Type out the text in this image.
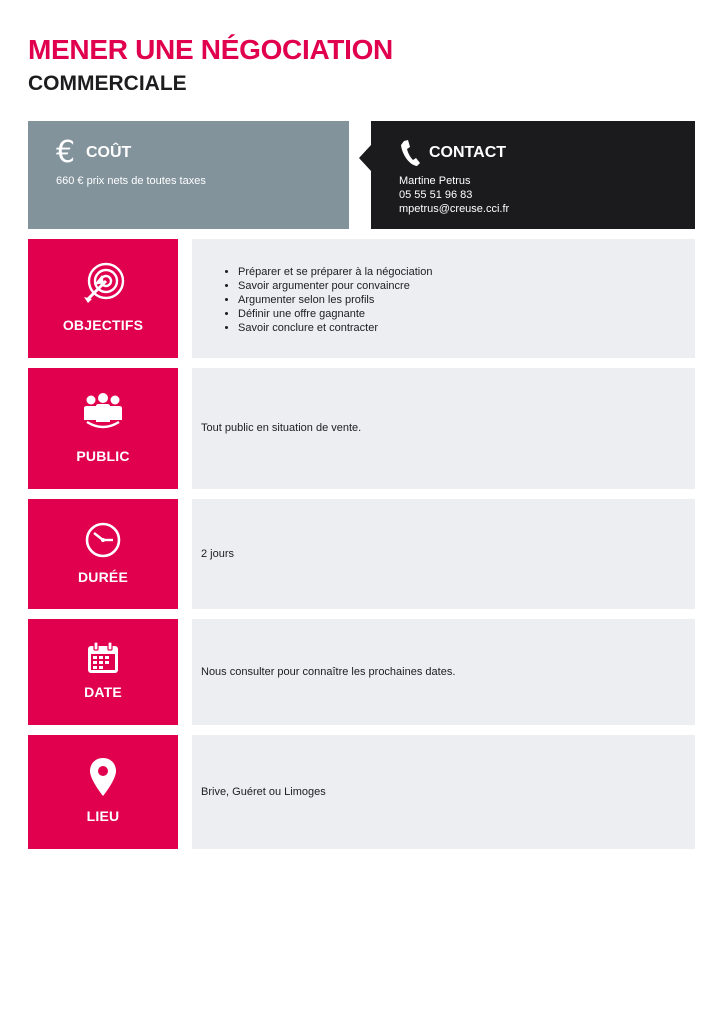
MENER UNE NÉGOCIATION
COMMERCIALE
€ COÛT
660 € prix nets de toutes taxes
CONTACT
Martine Petrus
05 55 51 96 83
mpetrus@creuse.cci.fr
OBJECTIFS
• Préparer et se préparer à la négociation
• Savoir argumenter pour convaincre
• Argumenter selon les profils
• Définir une offre gagnante
• Savoir conclure et contracter
PUBLIC
Tout public en situation de vente.
DURÉE
2 jours
DATE
Nous consulter pour connaître les prochaines dates.
LIEU
Brive, Guéret ou Limoges
